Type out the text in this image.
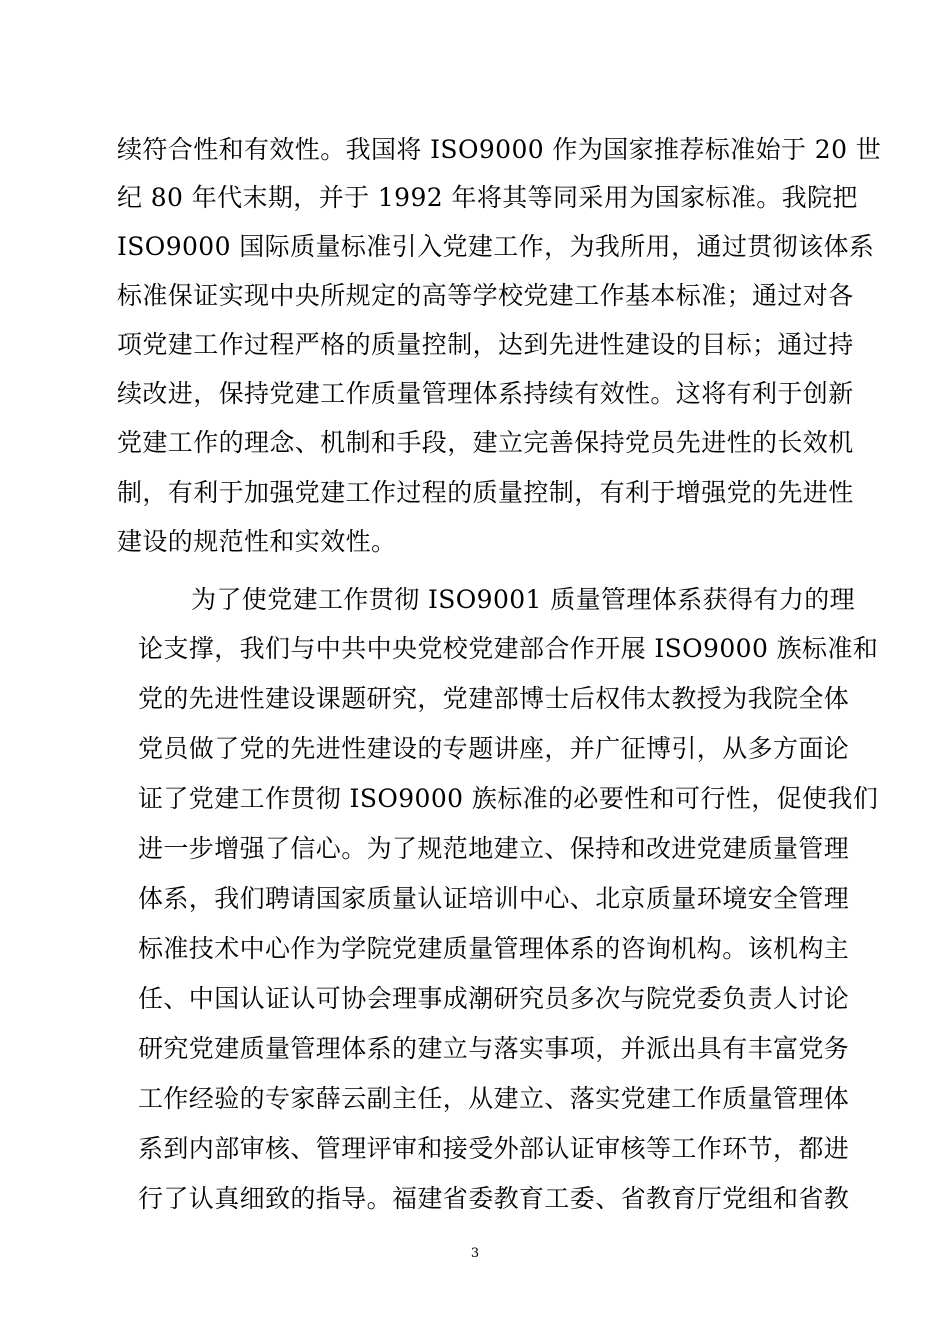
续符合性和有效性。我国将 ISO9000 作为国家推荐标准始于 20 世
纪 80 年代末期，并于 1992 年将其等同采用为国家标准。我院把
ISO9000 国际质量标准引入党建工作，为我所用，通过贯彻该体系
标准保证实现中央所规定的高等学校党建工作基本标准；通过对各
项党建工作过程严格的质量控制，达到先进性建设的目标；通过持
续改进，保持党建工作质量管理体系持续有效性。这将有利于创新
党建工作的理念、机制和手段，建立完善保持党员先进性的长效机
制，有利于加强党建工作过程的质量控制，有利于增强党的先进性
建设的规范性和实效性。
为了使党建工作贯彻 ISO9001 质量管理体系获得有力的理
论支撑，我们与中共中央党校党建部合作开展 ISO9000 族标准和
党的先进性建设课题研究，党建部博士后权伟太教授为我院全体
党员做了党的先进性建设的专题讲座，并广征博引，从多方面论
证了党建工作贯彻 ISO9000 族标准的必要性和可行性，促使我们
进一步增强了信心。为了规范地建立、保持和改进党建质量管理
体系，我们聘请国家质量认证培训中心、北京质量环境安全管理
标准技术中心作为学院党建质量管理体系的咨询机构。该机构主
任、中国认证认可协会理事成潮研究员多次与院党委负责人讨论
研究党建质量管理体系的建立与落实事项，并派出具有丰富党务
工作经验的专家薛云副主任，从建立、落实党建工作质量管理体
系到内部审核、管理评审和接受外部认证审核等工作环节，都进
行了认真细致的指导。福建省委教育工委、省教育厅党组和省教
3
